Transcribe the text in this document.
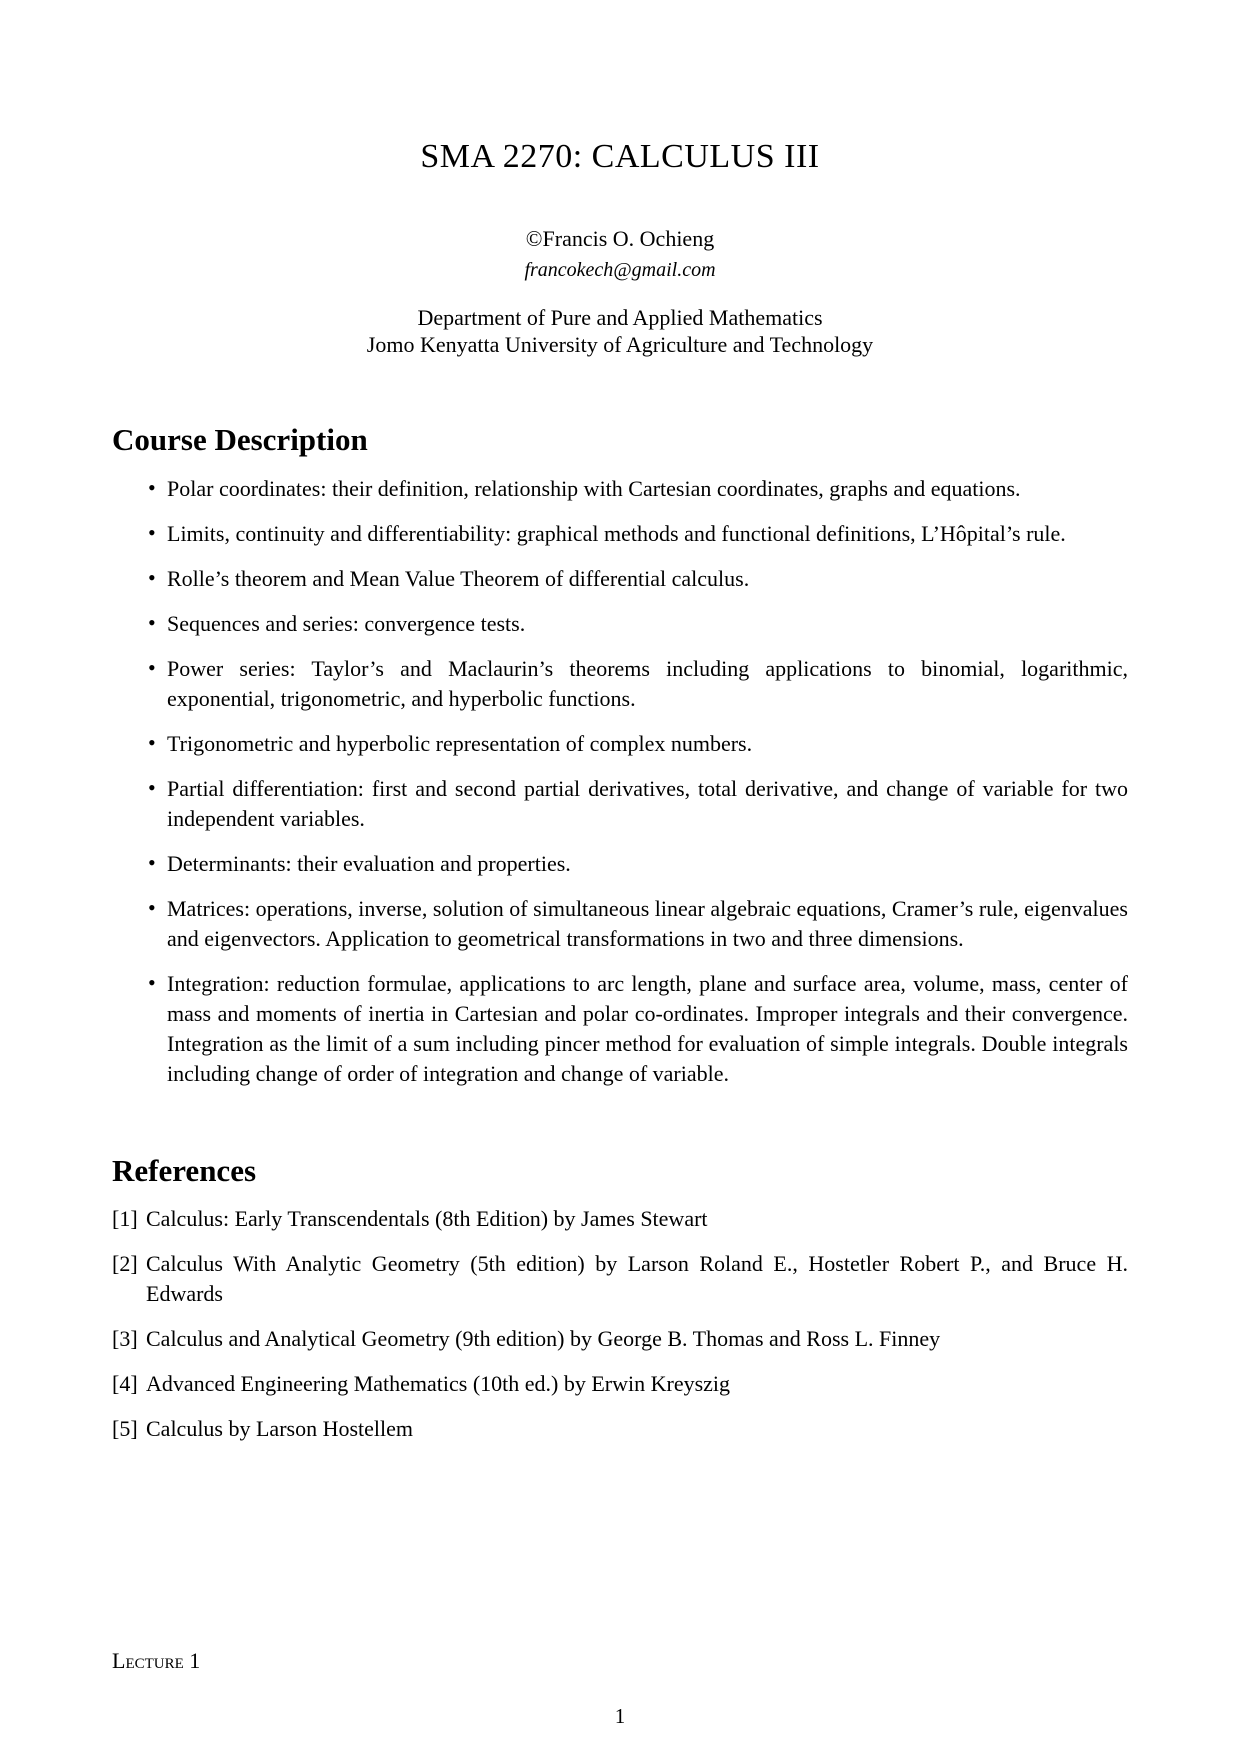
SMA 2270: CALCULUS III
©Francis O. Ochieng
francokech@gmail.com
Department of Pure and Applied Mathematics
Jomo Kenyatta University of Agriculture and Technology
Course Description
• Polar coordinates: their definition, relationship with Cartesian coordinates, graphs and equations.
• Limits, continuity and differentiability: graphical methods and functional definitions, L’Hôpital’s rule.
• Rolle’s theorem and Mean Value Theorem of differential calculus.
• Sequences and series: convergence tests.
• Power series: Taylor’s and Maclaurin’s theorems including applications to binomial, logarithmic, exponential, trigonometric, and hyperbolic functions.
• Trigonometric and hyperbolic representation of complex numbers.
• Partial differentiation: first and second partial derivatives, total derivative, and change of variable for two independent variables.
• Determinants: their evaluation and properties.
• Matrices: operations, inverse, solution of simultaneous linear algebraic equations, Cramer’s rule, eigenvalues and eigenvectors. Application to geometrical transformations in two and three dimensions.
• Integration: reduction formulae, applications to arc length, plane and surface area, volume, mass, center of mass and moments of inertia in Cartesian and polar co-ordinates. Improper integrals and their convergence. Integration as the limit of a sum including pincer method for evaluation of simple integrals. Double integrals including change of order of integration and change of variable.
References
[1] Calculus: Early Transcendentals (8th Edition) by James Stewart
[2] Calculus With Analytic Geometry (5th edition) by Larson Roland E., Hostetler Robert P., and Bruce H. Edwards
[3] Calculus and Analytical Geometry (9th edition) by George B. Thomas and Ross L. Finney
[4] Advanced Engineering Mathematics (10th ed.) by Erwin Kreyszig
[5] Calculus by Larson Hostellem
Lecture 1
1
